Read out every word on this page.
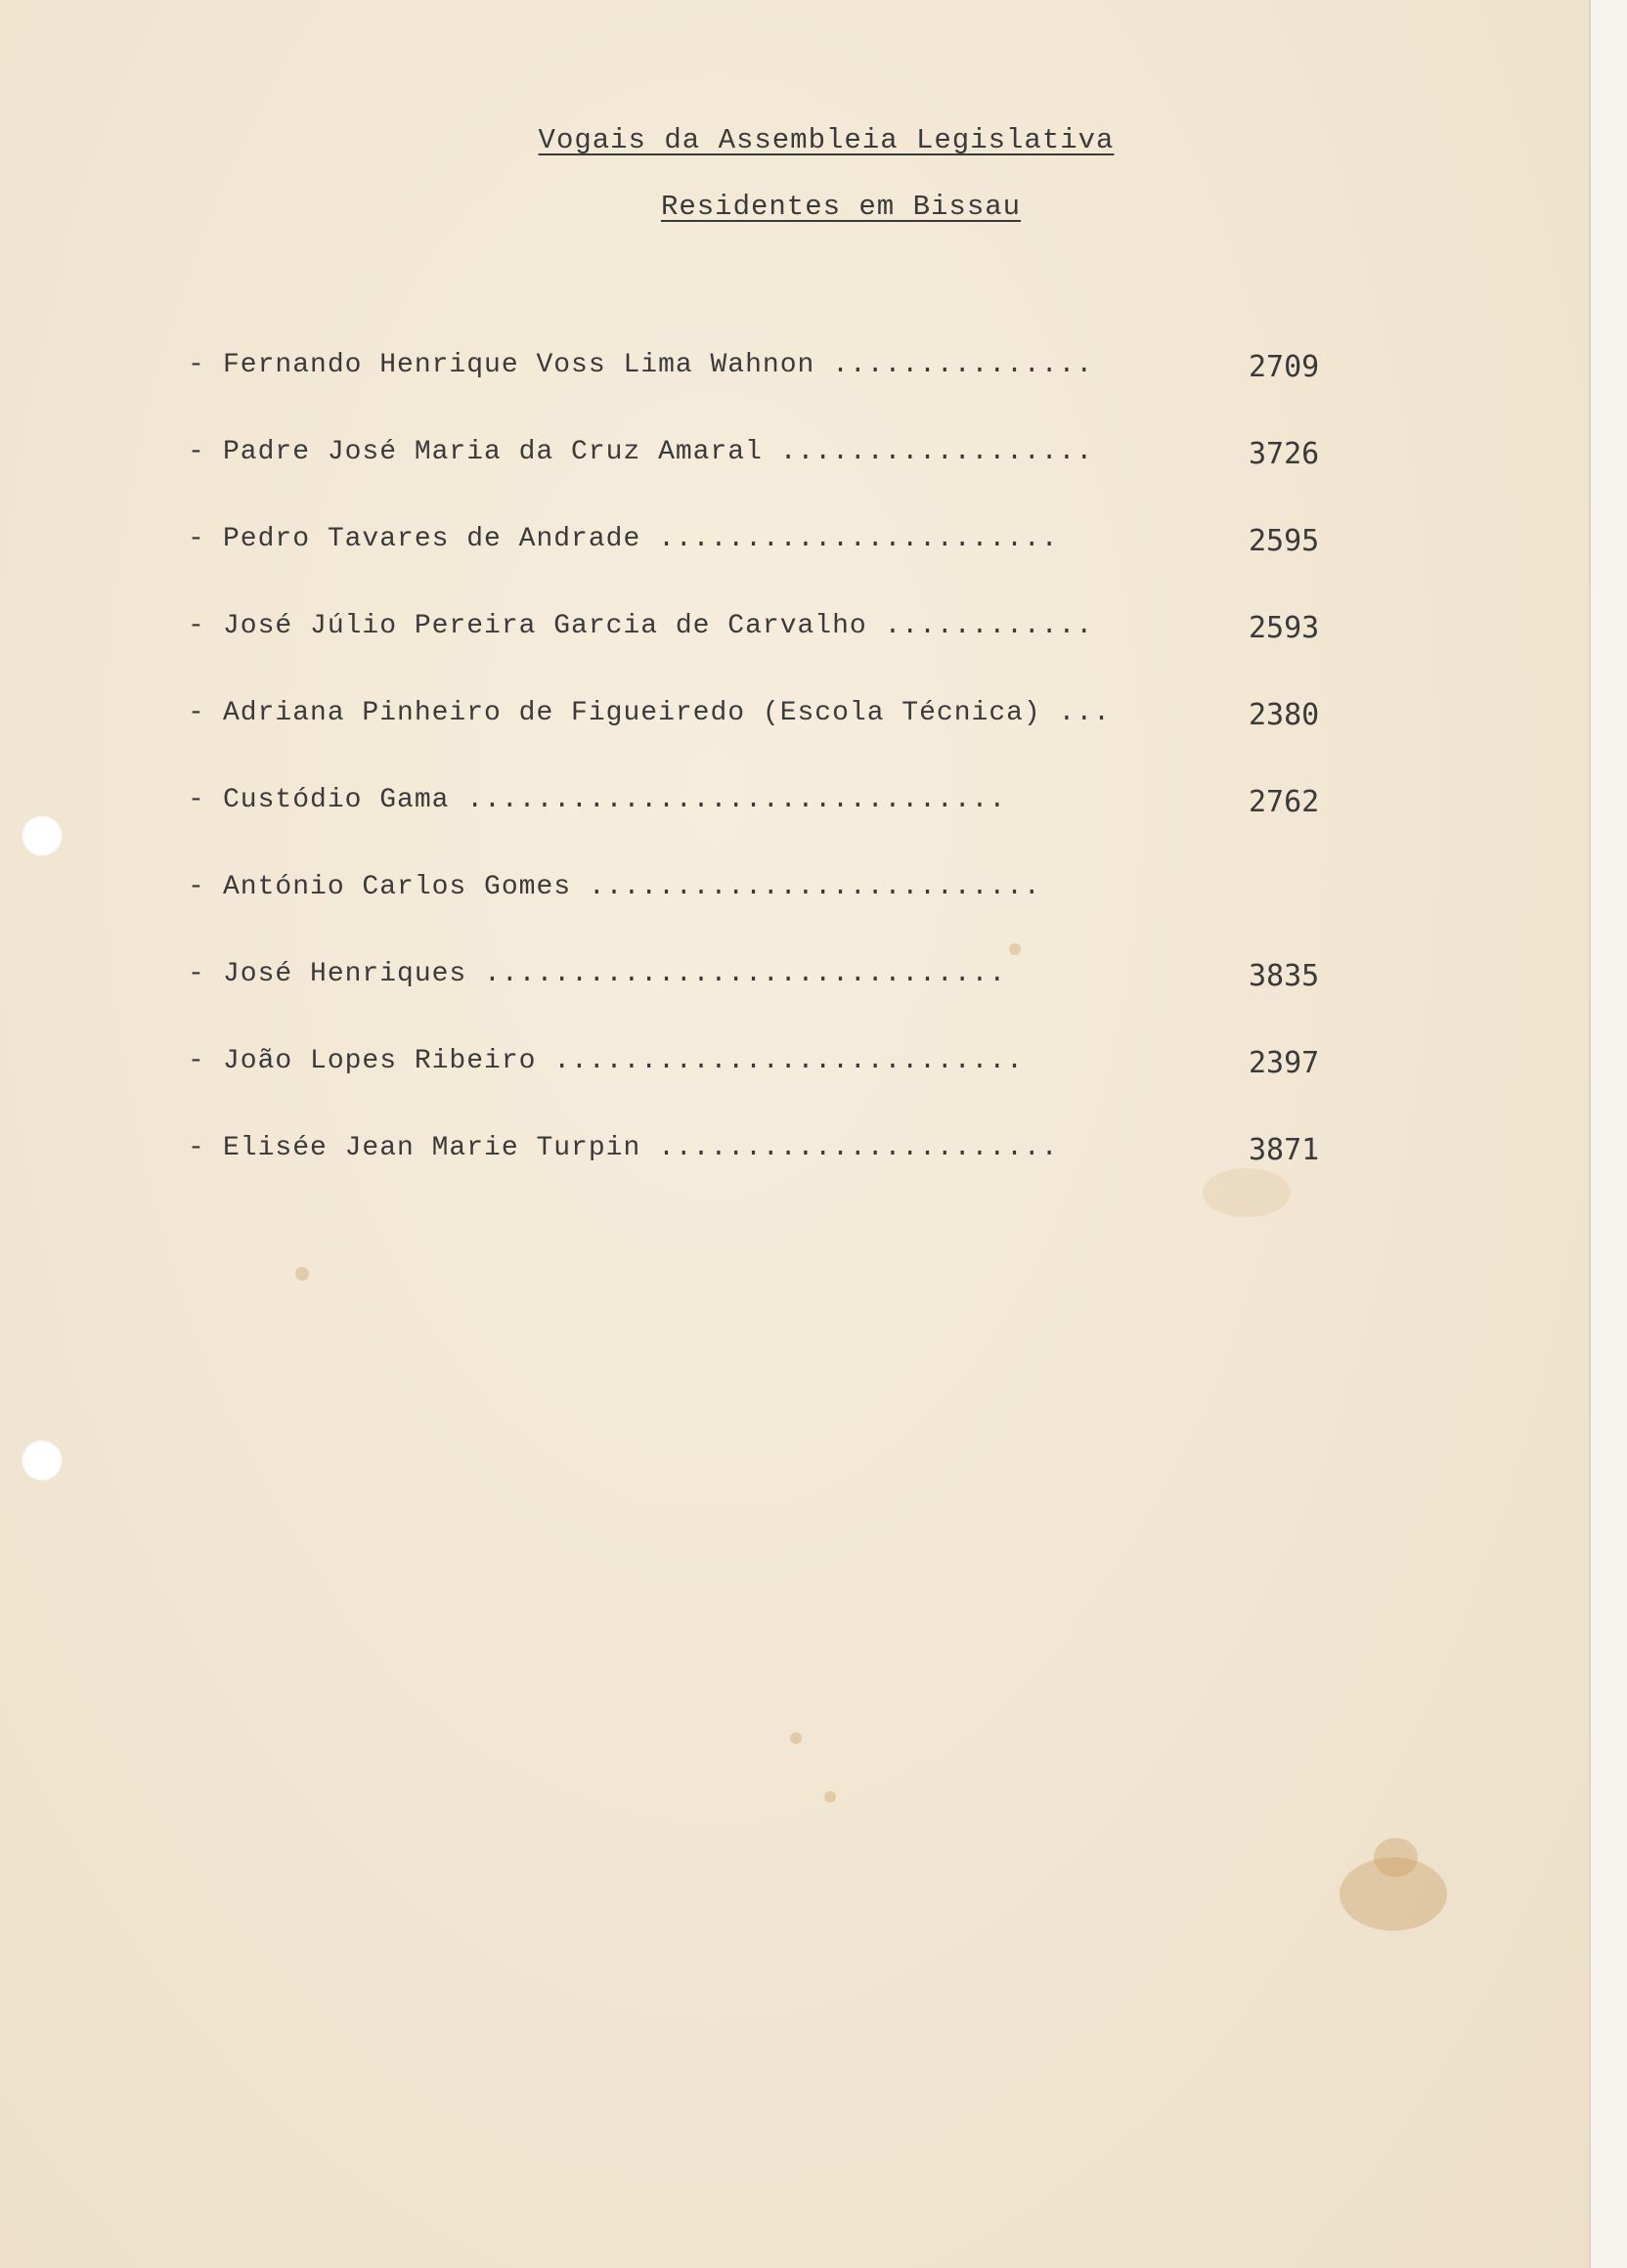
Vogais da Assembleia Legislativa
Residentes em Bissau
- Fernando Henrique Voss Lima Wahnon ...............	2709
- Padre José Maria da Cruz Amaral ..................	3726
- Pedro Tavares de Andrade .......................	2595
- José Júlio Pereira Garcia de Carvalho ............	2593
- Adriana Pinheiro de Figueiredo (Escola Técnica) ...	2380
- Custódio Gama ...............................	2762
- António Carlos Gomes ..........................
- José Henriques ..............................	3835
- João Lopes Ribeiro ...........................	2397
- Elisée Jean Marie Turpin .......................	3871
